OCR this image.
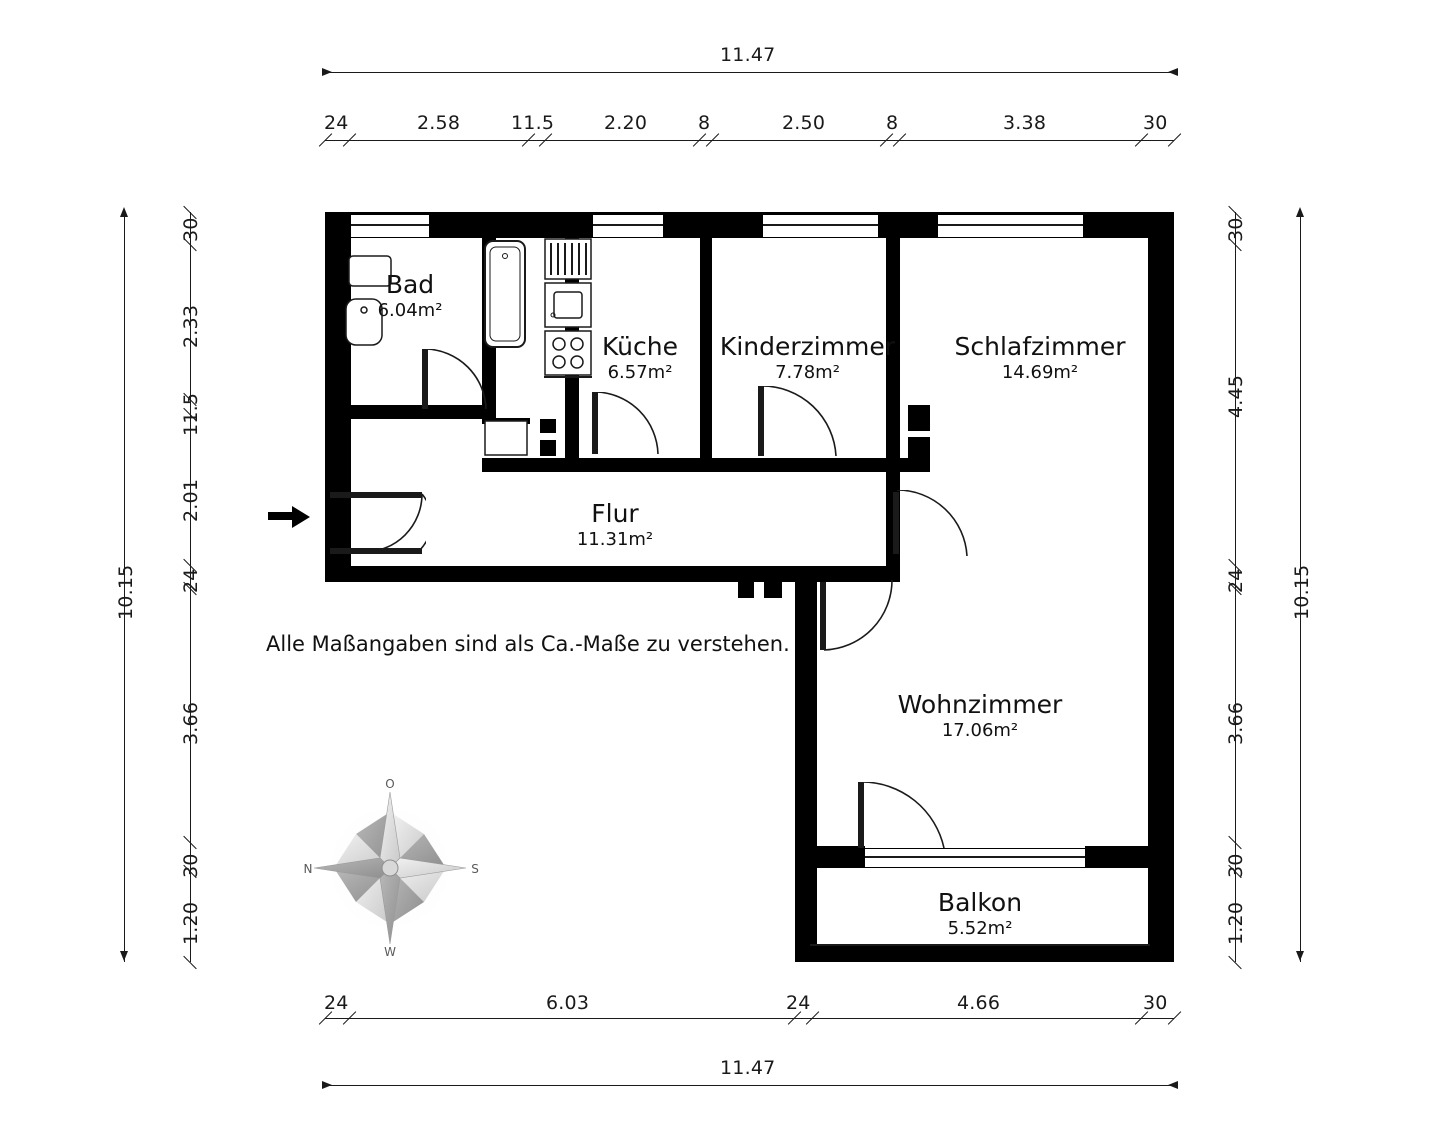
11.47
24	2.58	11.5	2.20	8	2.50	8	3.38	30
10.15
30
2.33
11.5
2.01
24
3.66
30
1.20
30
4.45
24
3.66
30
1.20
10.15
24	6.03	24	4.66	30
11.47
Bad
6.04m²
Küche
6.57m²
Kinderzimmer
7.78m²
Schlafzimmer
14.69m²
Flur
11.31m²
Wohnzimmer
17.06m²
Balkon
5.52m²
Alle Maßangaben sind als Ca.-Maße zu verstehen.
O
S
W
N
